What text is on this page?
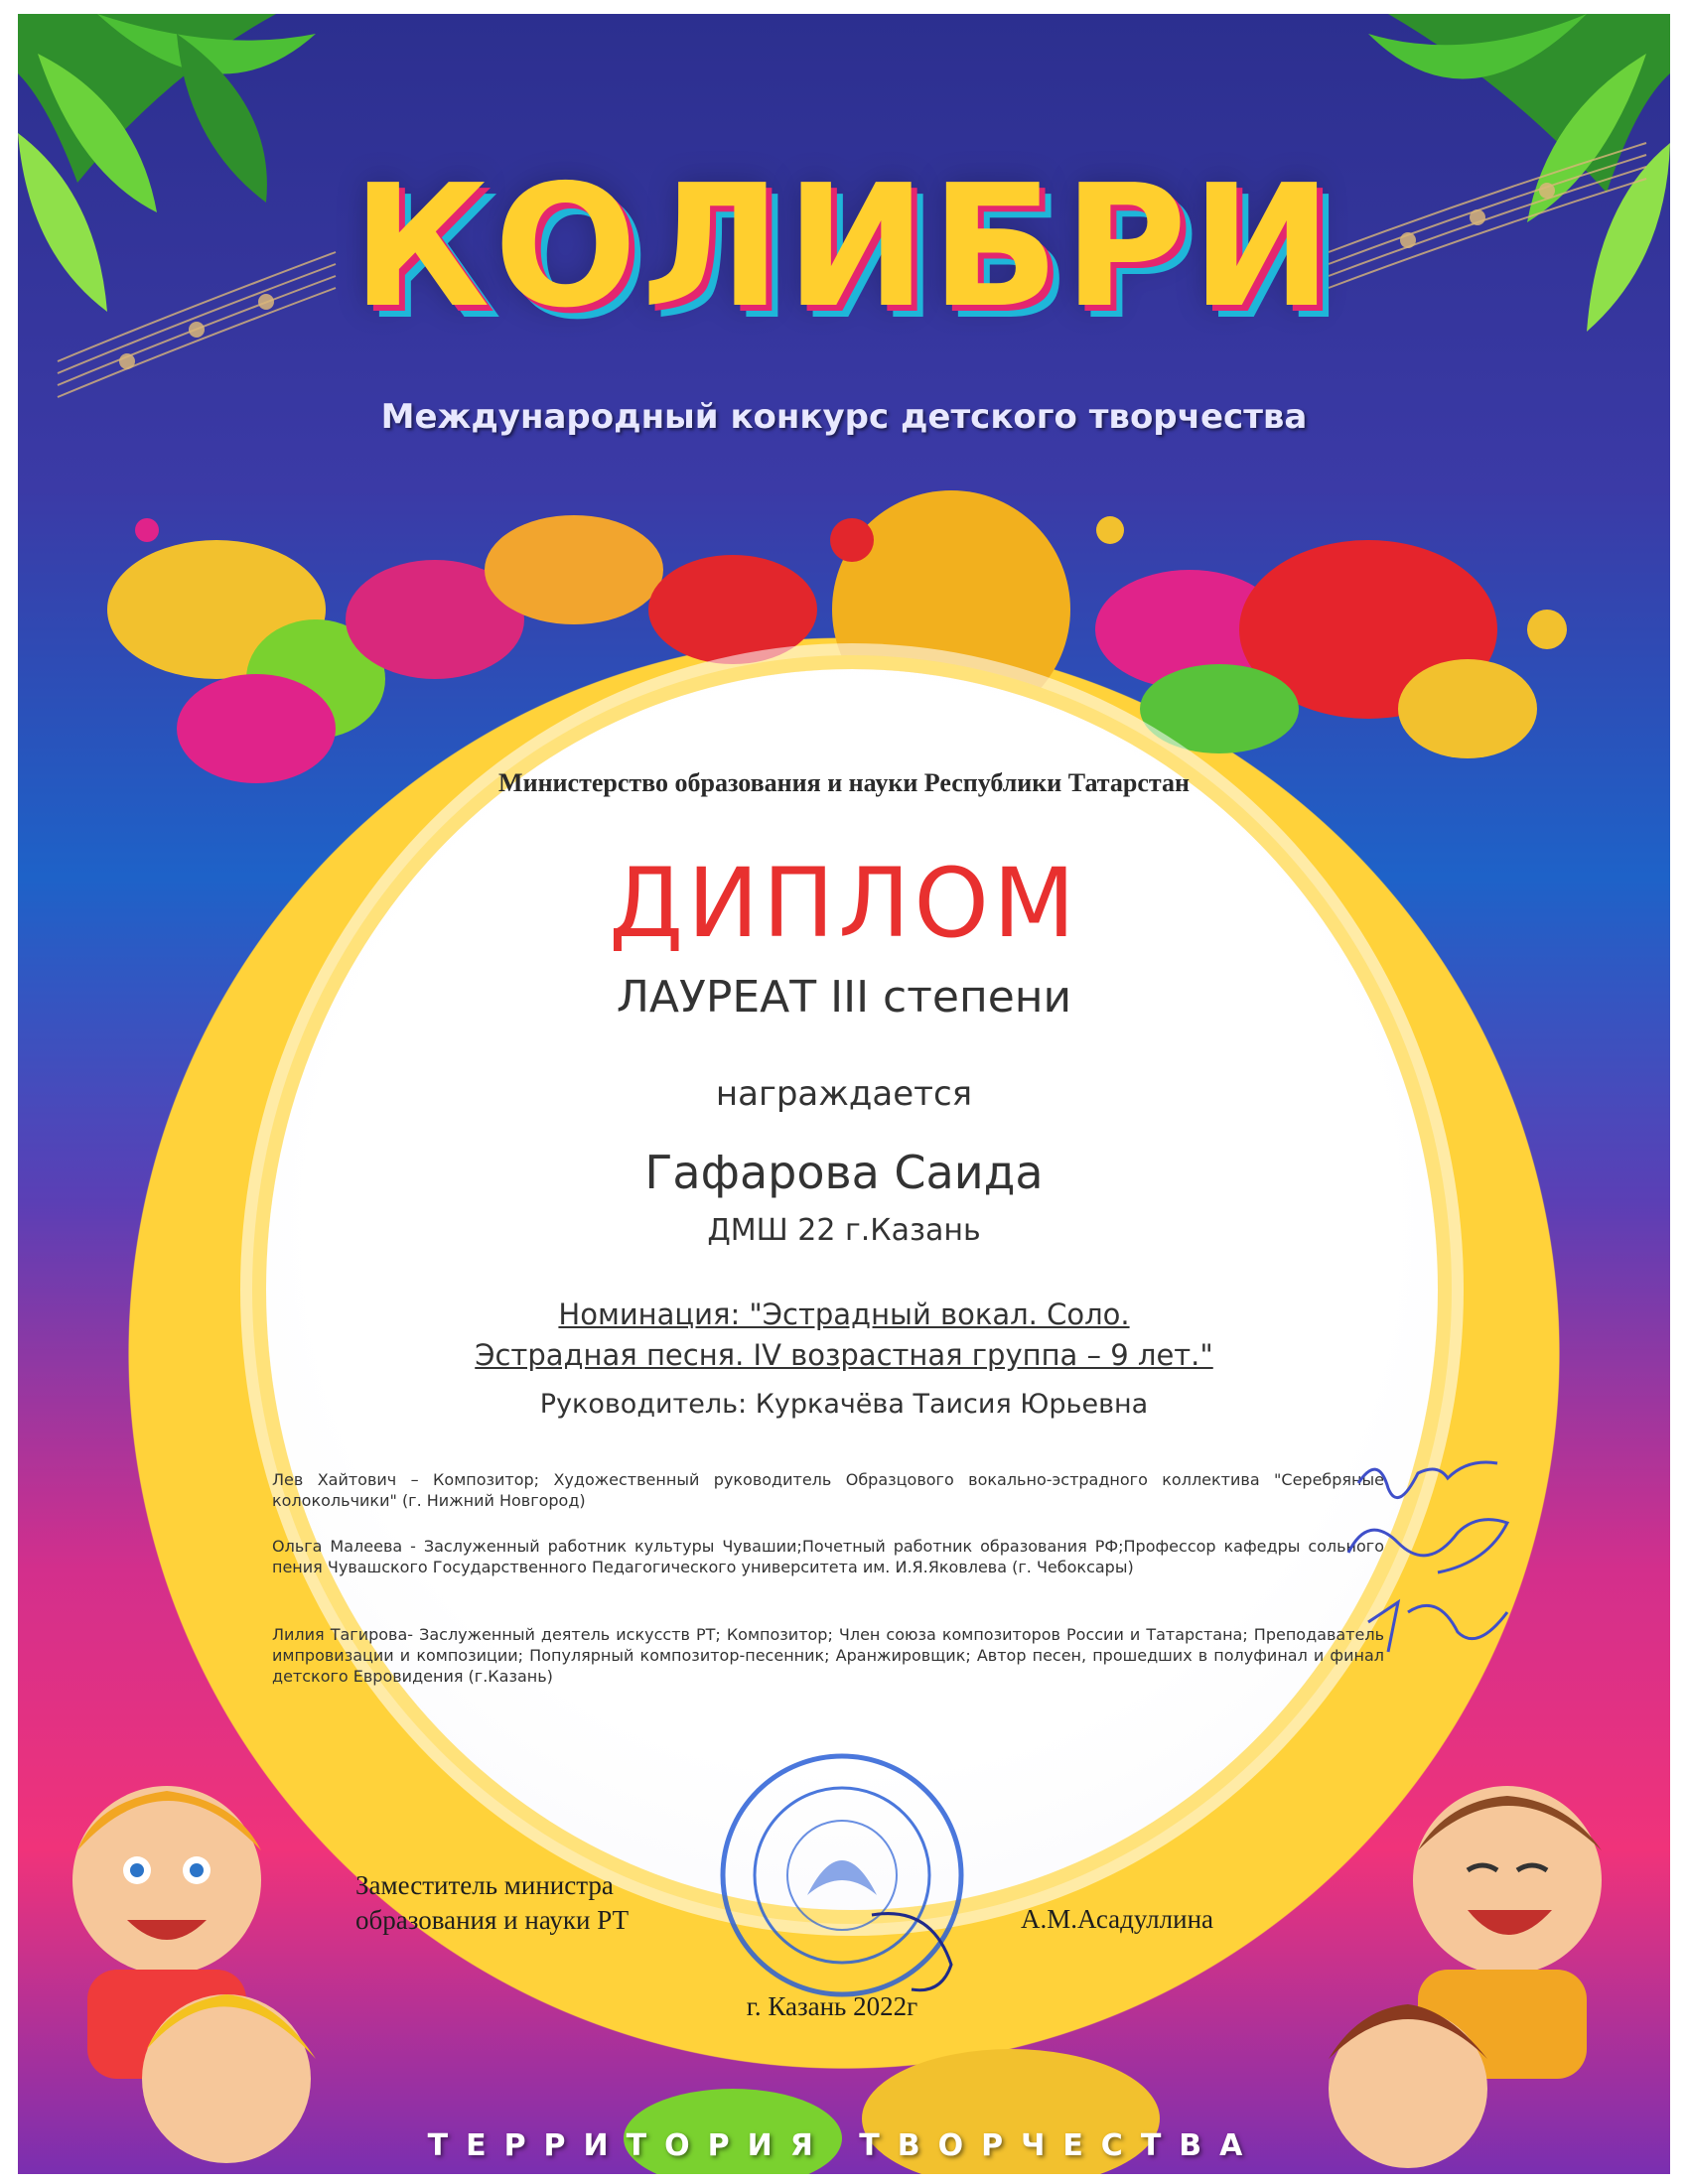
КОЛИБРИ
Международный конкурс детского творчества
Министерство образования и науки Республики Татарстан
ДИПЛОМ
ЛАУРЕАТ III степени
награждается
Гафарова Саида
ДМШ 22 г.Казань
Номинация: "Эстрадный вокал. Соло.
Эстрадная песня. IV возрастная группа – 9 лет."
Руководитель: Куркачёва Таисия Юрьевна
Лев Хайтович – Композитор; Художественный руководитель Образцового вокально-эстрадного коллектива "Серебряные колокольчики" (г. Нижний Новгород)
Ольга Малеева - Заслуженный работник культуры Чувашии;Почетный работник образования РФ;Профессор кафедры сольного пения Чувашского Государственного Педагогического университета им. И.Я.Яковлева (г. Чебоксары)
Лилия Тагирова- Заслуженный деятель искусств РТ; Композитор; Член союза композиторов России и Татарстана; Преподаватель импровизации и композиции; Популярный композитор-песенник; Аранжировщик; Автор песен, прошедших в полуфинал и финал детского Евровидения (г.Казань)
Заместитель министра
образования и науки РТ	А.М.Асадуллина
г. Казань 2022г
ТЕРРИТОРИЯ ТВОРЧЕСТВА
